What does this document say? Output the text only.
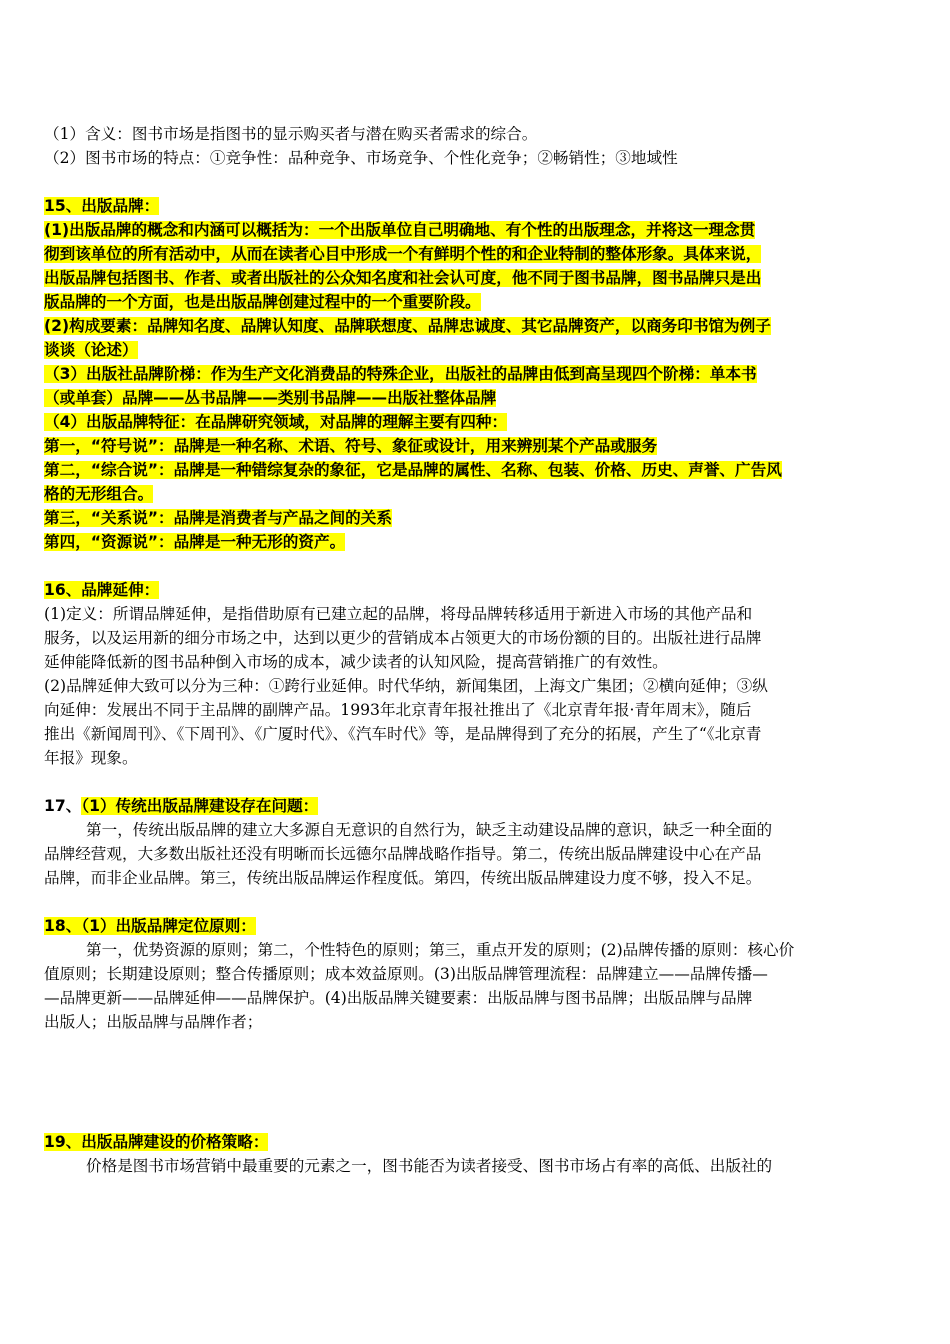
（1）含义：图书市场是指图书的显示购买者与潜在购买者需求的综合。
（2）图书市场的特点：①竞争性：品种竞争、市场竞争、个性化竞争；②畅销性；③地域性
15、出版品牌：
(1)出版品牌的概念和内涵可以概括为：一个出版单位自己明确地、有个性的出版理念，并将这一理念贯
彻到该单位的所有活动中，从而在读者心目中形成一个有鲜明个性的和企业特制的整体形象。具体来说，
出版品牌包括图书、作者、或者出版社的公众知名度和社会认可度，他不同于图书品牌，图书品牌只是出
版品牌的一个方面，也是出版品牌创建过程中的一个重要阶段。
(2)构成要素：品牌知名度、品牌认知度、品牌联想度、品牌忠诚度、其它品牌资产，以商务印书馆为例子
谈谈（论述）
（3）出版社品牌阶梯：作为生产文化消费品的特殊企业，出版社的品牌由低到高呈现四个阶梯：单本书
（或单套）品牌——丛书品牌——类别书品牌——出版社整体品牌
（4）出版品牌特征：在品牌研究领域，对品牌的理解主要有四种：
第一，“符号说”：品牌是一种名称、术语、符号、象征或设计，用来辨别某个产品或服务
第二，“综合说”：品牌是一种错综复杂的象征，它是品牌的属性、名称、包装、价格、历史、声誉、广告风
格的无形组合。
第三，“关系说”：品牌是消费者与产品之间的关系
第四，“资源说”：品牌是一种无形的资产。
16、品牌延伸：
(1)定义：所谓品牌延伸，是指借助原有已建立起的品牌，将母品牌转移适用于新进入市场的其他产品和
服务，以及运用新的细分市场之中，达到以更少的营销成本占领更大的市场份额的目的。出版社进行品牌
延伸能降低新的图书品种倒入市场的成本，减少读者的认知风险，提高营销推广的有效性。
(2)品牌延伸大致可以分为三种：①跨行业延伸。时代华纳，新闻集团，上海文广集团；②横向延伸；③纵
向延伸：发展出不同于主品牌的副牌产品。1993年北京青年报社推出了《北京青年报·青年周末》，随后
推出《新闻周刊》、《下周刊》、《广厦时代》、《汽车时代》等，是品牌得到了充分的拓展，产生了“《北京青
年报》现象。
17、（1）传统出版品牌建设存在问题：
第一，传统出版品牌的建立大多源自无意识的自然行为，缺乏主动建设品牌的意识，缺乏一种全面的
品牌经营观，大多数出版社还没有明晰而长远德尔品牌战略作指导。第二，传统出版品牌建设中心在产品
品牌，而非企业品牌。第三，传统出版品牌运作程度低。第四，传统出版品牌建设力度不够，投入不足。
18、（1）出版品牌定位原则：
第一，优势资源的原则；第二，个性特色的原则；第三，重点开发的原则；(2)品牌传播的原则：核心价
值原则；长期建设原则；整合传播原则；成本效益原则。(3)出版品牌管理流程：品牌建立——品牌传播—
—品牌更新——品牌延伸——品牌保护。(4)出版品牌关键要素：出版品牌与图书品牌；出版品牌与品牌
出版人；出版品牌与品牌作者；
19、出版品牌建设的价格策略：
价格是图书市场营销中最重要的元素之一，图书能否为读者接受、图书市场占有率的高低、出版社的
